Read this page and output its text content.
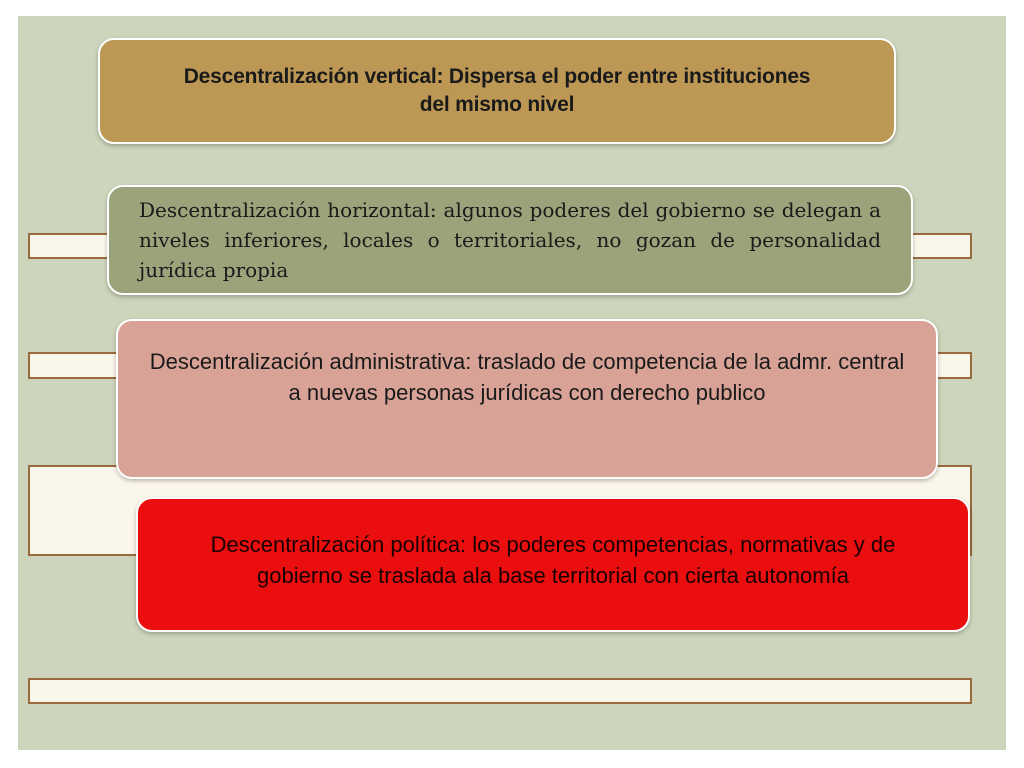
Descentralización vertical: Dispersa el poder entre instituciones del mismo nivel

Descentralización horizontal: algunos poderes del gobierno se delegan a niveles inferiores, locales o territoriales, no gozan de personalidad jurídica propia

Descentralización administrativa: traslado de competencia de la admr. central a nuevas personas jurídicas con derecho publico

Descentralización política: los poderes competencias, normativas y de gobierno se traslada ala base territorial con cierta autonomía
